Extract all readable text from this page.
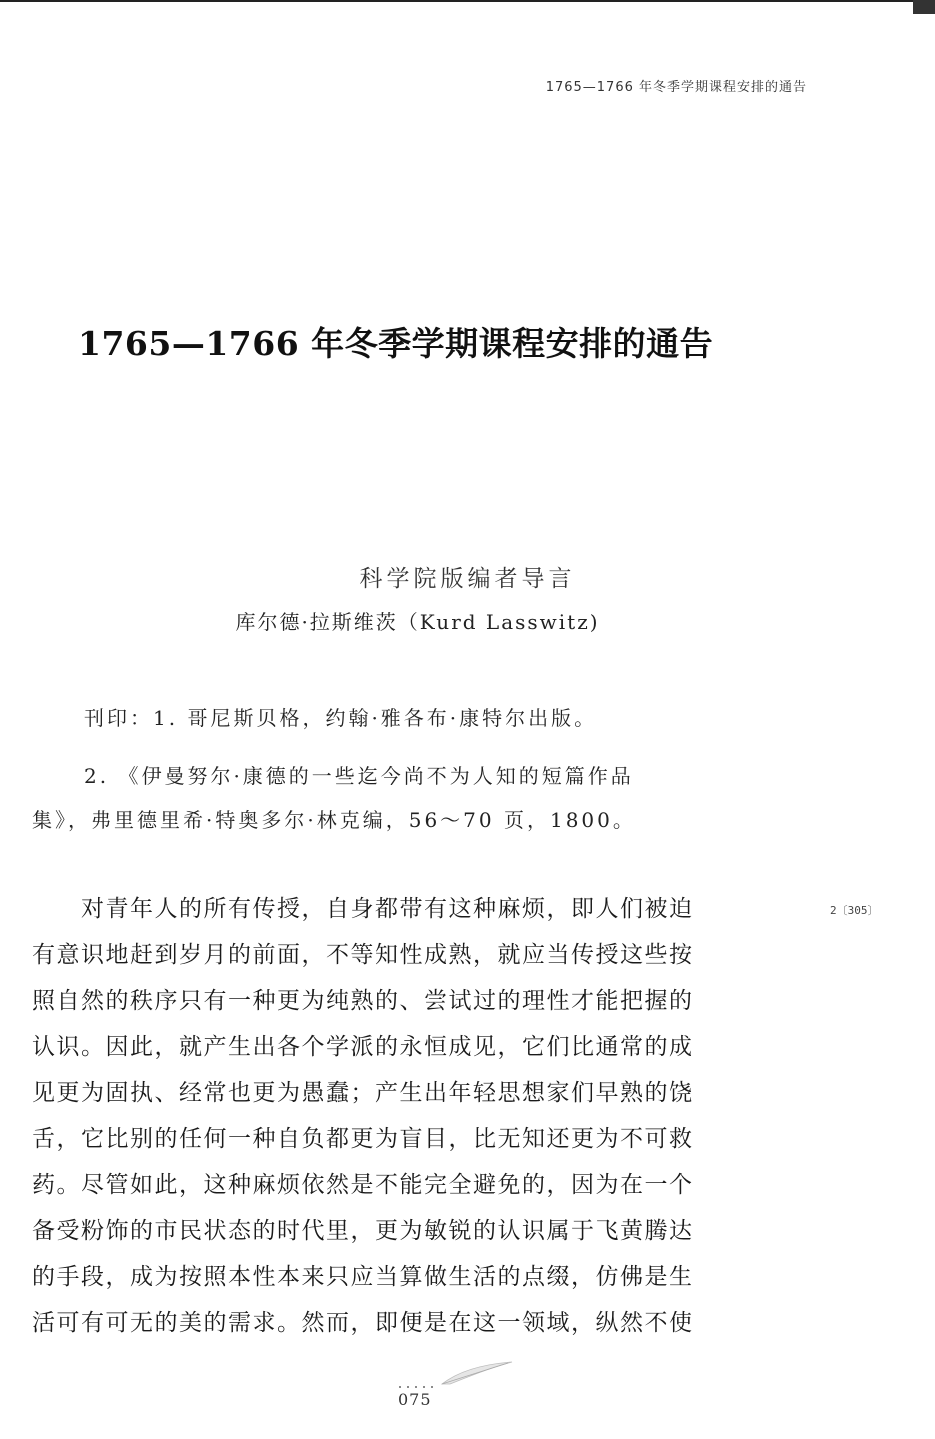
1765—1766 年冬季学期课程安排的通告
1765—1766 年冬季学期课程安排的通告
科学院版编者导言
库尔德·拉斯维茨（Kurd Lasswitz)
刊印：1. 哥尼斯贝格，约翰·雅各布·康特尔出版。
2. 《伊曼努尔·康德的一些迄今尚不为人知的短篇作品
集》，弗里德里希·特奥多尔·林克编，56～70 页，1800。
　　对青年人的所有传授，自身都带有这种麻烦，即人们被迫
有意识地赶到岁月的前面，不等知性成熟，就应当传授这些按
照自然的秩序只有一种更为纯熟的、尝试过的理性才能把握的
认识。因此，就产生出各个学派的永恒成见，它们比通常的成
见更为固执、经常也更为愚蠢；产生出年轻思想家们早熟的饶
舌，它比别的任何一种自负都更为盲目，比无知还更为不可救
药。尽管如此，这种麻烦依然是不能完全避免的，因为在一个
备受粉饰的市民状态的时代里，更为敏锐的认识属于飞黄腾达
的手段，成为按照本性本来只应当算做生活的点缀，仿佛是生
活可有可无的美的需求。然而，即便是在这一领域，纵然不使
2〔305〕
075
